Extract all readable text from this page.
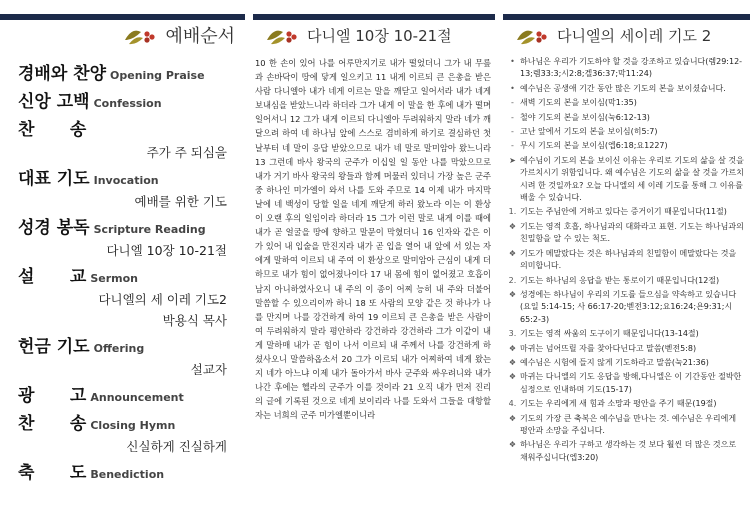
예배순서
경배와 찬양 Opening Praise
신앙 고백 Confession
찬      송
주가 주 되심을
대표 기도 Invocation
예배를 위한 기도
성경 봉독 Scripture Reading
다니엘 10장 10-21절
설      교 Sermon
다니엘의 세 이레 기도2
박용식 목사
헌금 기도 Offering
설교자
광      고 Announcement
찬      송 Closing Hymn
신실하게 진실하게
축      도 Benediction
다니엘 10장 10-21절
10 한 손이 있어 나를 어루만지기로 내가 떨었더니 그가 내 무릎과 손바닥이 땅에 닿게 일으키고 11 내게 이르되 큰 은총을 받은 사람 다니엘아 내가 네게 이르는 말을 깨닫고 일어서라 내가 네게 보내심을 받았느니라 하더라 그가 내게 이 말을 한 후에 내가 떨며 일어서니 12 그가 내게 이르되 다니엘아 두려워하지 말라 네가 깨달으려 하여 네 하나님 앞에 스스로 겸비하게 하기로 결심하던 첫날부터 네 말이 응답 받았으므로 내가 네 말로 말미암아 왔느니라 13 그런데 바사 왕국의 군주가 이십일 일 동안 나를 막았으므로 내가 거기 바사 왕국의 왕들과 함께 머물러 있더니 가장 높은 군주 중 하나인 미가엘이 와서 나를 도와 주므로 14 이제 내가 마지막 날에 네 백성이 당할 일을 네게 깨닫게 하러 왔노라 이는 이 환상이 오랜 후의 일임이라 하더라 15 그가 이런 말로 내게 이를 때에 내가 곧 얼굴을 땅에 향하고 말문이 막혔더니 16 인자와 같은 이가 있어 내 입술을 만진지라 내가 곧 입을 열어 내 앞에 서 있는 자에게 말하여 이르되 내 주여 이 환상으로 말미암아 근심이 내게 더하므로 내가 힘이 없어졌나이다 17 내 몸에 힘이 없어졌고 호흡이 남지 아니하였사오니 내 주의 이 종이 어찌 능히 내 주와 더불어 말씀할 수 있으리이까 하니 18 또 사람의 모양 같은 것 하나가 나를 만지며 나를 강건하게 하여 19 이르되 큰 은총을 받은 사람이여 두려워하지 말라 평안하라 강건하라 강건하라 그가 이같이 내게 말하매 내가 곧 힘이 나서 이르되 내 주께서 나를 강건하게 하셨사오니 말씀하옵소서 20 그가 이르되 내가 어찌하여 네게 왔는지 네가 아느냐 이제 내가 돌아가서 바사 군주와 싸우려니와 내가 나간 후에는 헬라의 군주가 이를 것이라 21 오직 내가 먼저 진리의 글에 기록된 것으로 네게 보이리라 나를 도와서 그들을 대항할 자는 너희의 군주 미가엘뿐이니라
다니엘의 세이레 기도 2
• 하나님은 우리가 기도하야 할 것을 강조하고 있습니다(렘29:12-13;렘33:3;시2:8;겔36:37;막11:24)
• 예수님은 공생애 기간 동안 많은 기도의 본을 보이셨습니다.
- 새벽 기도의 본을 보이심(막1:35)
- 철야 기도의 본을 보이심(눅6:12-13)
- 고난 앞에서 기도의 본을 보이심(히5:7)
- 무시 기도의 본을 보이심(엡6:18;요1227)
➤ 예수님이 기도의 본을 보이신 이유는 우리로 기도의 삶을 살 것을 가르치시기 위함입니다. 왜 예수님은 기도의 삶을 살 것을 가르치시려 한 것일까요? 오늘 다니엘의 세 이레 기도를 통해 그 이유를 배울 수 있습니다.
1. 기도는 주님안에 거하고 있다는 증거이기 때문입니다(11절)
❖ 기도는 영적 호흡, 하나님과의 대화라고 표현. 기도는 하나님과의 친밀함을 알 수 있는 척도.
❖ 기도가 메말랐다는 것은 하나님과의 친밀함이 메말랐다는 것을 의미합니다.
2. 기도는 하나님의 응답을 받는 통로이기 때문입니다(12절)
❖ 성경에는 하나님이 우리의 기도를 들으심을 약속하고 있습니다(요일 5:14-15; 사 66:17-20;벧전3:12;요16:24;욘9:31;시65:2-3)
3. 기도는 영적 싸움의 도구이기 때문입니다(13-14절)
❖ 마귀는 넘어뜨릴 자를 찾아다닌다고 말씀(벧전5:8)
❖ 예수님은 시험에 들지 않게 기도하라고 말씀(눅21:36)
❖ 마귀는 다니엘의 기도 응답을 방해,다니엘은 이 기간동안 절박한 심정으로 인내하며 기도(15-17)
4. 기도는 우리에게 새 힘과 소망과 평안을 주기 때문(19절)
❖ 기도의 가장 큰 축복은 예수님을 만나는 것. 예수님은 우리에게 평안과 소망을 주십니다.
❖ 하나님은 우리가 구하고 생각하는 것 보다 훨씬 더 많은 것으로 채워주십니다(엡3:20)
